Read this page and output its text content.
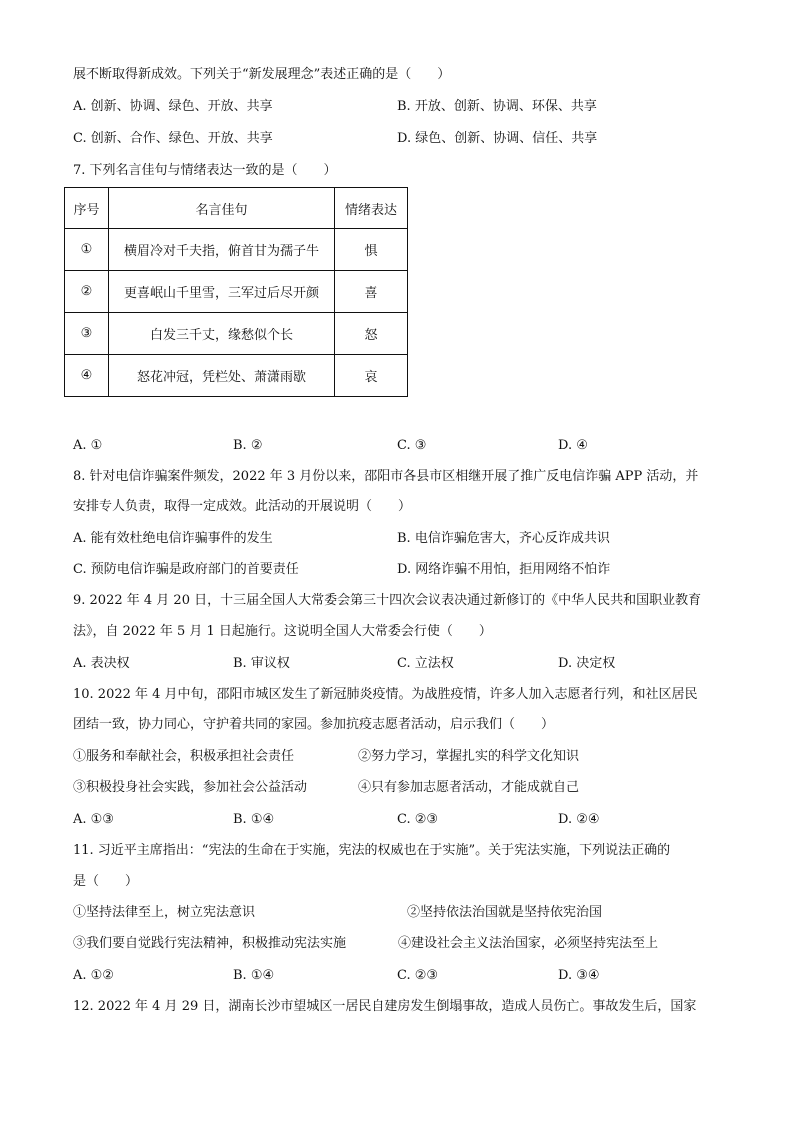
展不断取得新成效。下列关于“新发展理念”表述正确的是（　　）
A. 创新、协调、绿色、开放、共享	B. 开放、创新、协调、环保、共享
C. 创新、合作、绿色、开放、共享	D. 绿色、创新、协调、信任、共享
7. 下列名言佳句与情绪表达一致的是（　　）
序号	名言佳句	情绪表达
①	横眉冷对千夫指，俯首甘为孺子牛	惧
②	更喜岷山千里雪，三军过后尽开颜	喜
③	白发三千丈，缘愁似个长	怒
④	怒花冲冠，凭栏处、萧潇雨歇	哀
A. ①	B. ②	C. ③	D. ④
8. 针对电信诈骗案件频发，2022 年 3 月份以来，邵阳市各县市区相继开展了推广反电信诈骗 APP 活动，并
安排专人负责，取得一定成效。此活动的开展说明（　　）
A. 能有效杜绝电信诈骗事件的发生	B. 电信诈骗危害大，齐心反诈成共识
C. 预防电信诈骗是政府部门的首要责任	D. 网络诈骗不用怕，拒用网络不怕诈
9. 2022 年 4 月 20 日，十三届全国人大常委会第三十四次会议表决通过新修订的《中华人民共和国职业教育
法》，自 2022 年 5 月 1 日起施行。这说明全国人大常委会行使（　　）
A. 表决权	B. 审议权	C. 立法权	D. 决定权
10. 2022 年 4 月中旬，邵阳市城区发生了新冠肺炎疫情。为战胜疫情，许多人加入志愿者行列，和社区居民
团结一致，协力同心，守护着共同的家园。参加抗疫志愿者活动，启示我们（　　）
①服务和奉献社会，积极承担社会责任	②努力学习，掌握扎实的科学文化知识
③积极投身社会实践，参加社会公益活动	④只有参加志愿者活动，才能成就自己
A. ①③	B. ①④	C. ②③	D. ②④
11. 习近平主席指出：“宪法的生命在于实施，宪法的权威也在于实施”。关于宪法实施，下列说法正确的
是（　　）
①坚持法律至上，树立宪法意识	②坚持依法治国就是坚持依宪治国
③我们要自觉践行宪法精神，积极推动宪法实施	④建设社会主义法治国家，必须坚持宪法至上
A. ①②	B. ①④	C. ②③	D. ③④
12. 2022 年 4 月 29 日，湖南长沙市望城区一居民自建房发生倒塌事故，造成人员伤亡。事故发生后，国家
